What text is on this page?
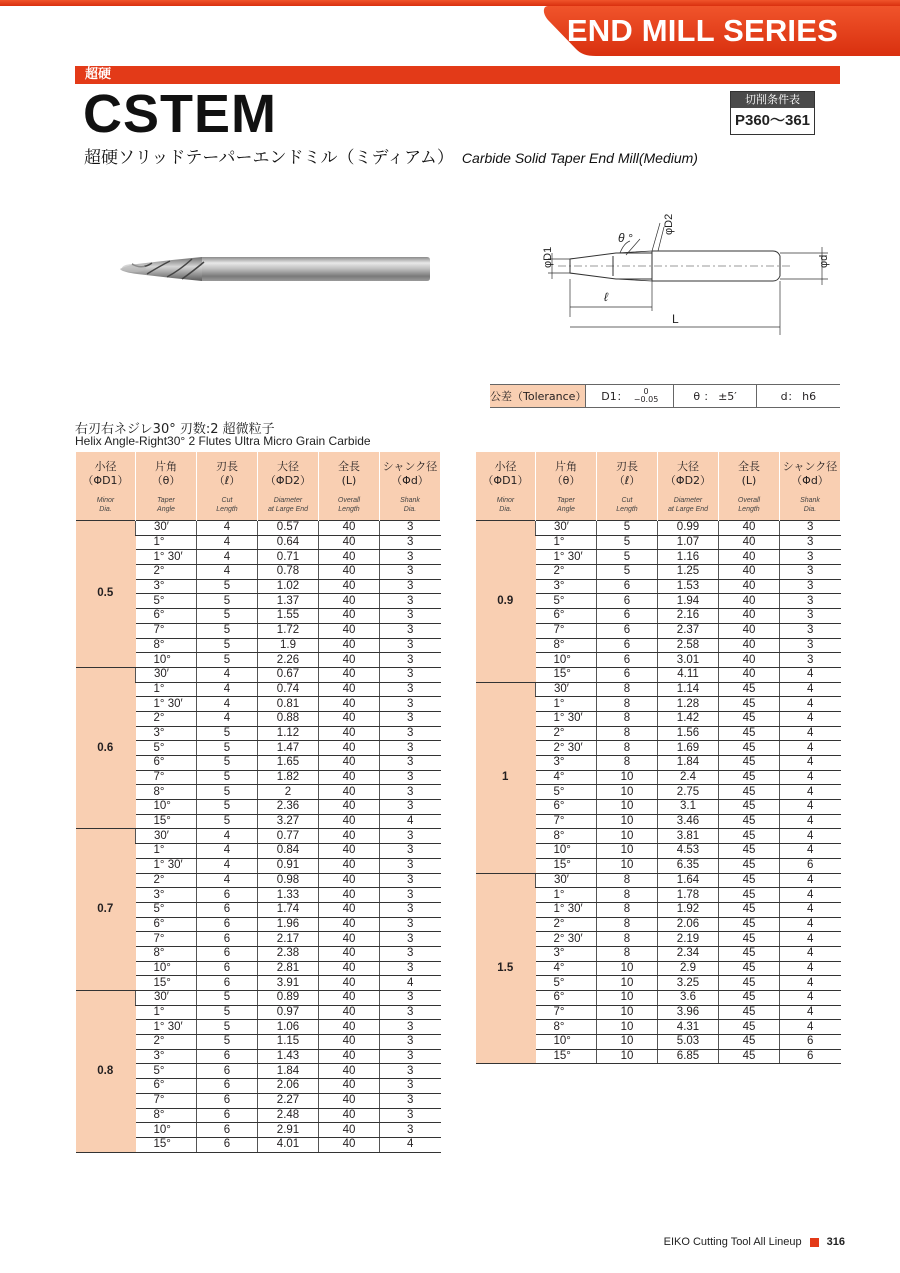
END MILL SERIES
超硬
CSTEM	切削条件表
P360～361
超硬ソリッドテーパーエンドミル（ミディアム） Carbide Solid Taper End Mill(Medium)
φD1
φD2
θ °
φd
ℓ
L
公差（Tolerance） D1：	0
−0.05	θ ： ±5′	d： h6
右刃右ネジレ30° 刃数:2 超微粒子
Helix Angle-Right30° 2 Flutes Ultra Micro Grain Carbide
小径
（ΦD1）
Minor
Dia.	片角
（θ）
Taper
Angle	刃長
（ℓ）
Cut
Length	大径
（ΦD2）
Diameter
at Large End	全長
(L)
Overall
Length	シャンク径
（Φd）
Shank
Dia.

0.5	30′	4	0.57	40	3
	1°	4	0.64	40	3
	1° 30′	4	0.71	40	3
	2°	4	0.78	40	3
	3°	5	1.02	40	3
	5°	5	1.37	40	3
	6°	5	1.55	40	3
	7°	5	1.72	40	3
	8°	5	1.9	40	3
	10°	5	2.26	40	3
0.6	30′	4	0.67	40	3
	1°	4	0.74	40	3
	1° 30′	4	0.81	40	3
	2°	4	0.88	40	3
	3°	5	1.12	40	3
	5°	5	1.47	40	3
	6°	5	1.65	40	3
	7°	5	1.82	40	3
	8°	5	2	40	3
	10°	5	2.36	40	3
	15°	5	3.27	40	4
0.7	30′	4	0.77	40	3
	1°	4	0.84	40	3
	1° 30′	4	0.91	40	3
	2°	4	0.98	40	3
	3°	6	1.33	40	3
	5°	6	1.74	40	3
	6°	6	1.96	40	3
	7°	6	2.17	40	3
	8°	6	2.38	40	3
	10°	6	2.81	40	3
	15°	6	3.91	40	4
0.8	30′	5	0.89	40	3
	1°	5	0.97	40	3
	1° 30′	5	1.06	40	3
	2°	5	1.15	40	3
	3°	6	1.43	40	3
	5°	6	1.84	40	3
	6°	6	2.06	40	3
	7°	6	2.27	40	3
	8°	6	2.48	40	3
	10°	6	2.91	40	3
	15°	6	4.01	40	4
小径
（ΦD1）
Minor
Dia.	片角
（θ）
Taper
Angle	刃長
（ℓ）
Cut
Length	大径
（ΦD2）
Diameter
at Large End	全長
(L)
Overall
Length	シャンク径
（Φd）
Shank
Dia.

0.9	30′	5	0.99	40	3
	1°	5	1.07	40	3
	1° 30′	5	1.16	40	3
	2°	5	1.25	40	3
	3°	6	1.53	40	3
	5°	6	1.94	40	3
	6°	6	2.16	40	3
	7°	6	2.37	40	3
	8°	6	2.58	40	3
	10°	6	3.01	40	3
	15°	6	4.11	40	4
1	30′	8	1.14	45	4
	1°	8	1.28	45	4
	1° 30′	8	1.42	45	4
	2°	8	1.56	45	4
	2° 30′	8	1.69	45	4
	3°	8	1.84	45	4
	4°	10	2.4	45	4
	5°	10	2.75	45	4
	6°	10	3.1	45	4
	7°	10	3.46	45	4
	8°	10	3.81	45	4
	10°	10	4.53	45	4
	15°	10	6.35	45	6
1.5	30′	8	1.64	45	4
	1°	8	1.78	45	4
	1° 30′	8	1.92	45	4
	2°	8	2.06	45	4
	2° 30′	8	2.19	45	4
	3°	8	2.34	45	4
	4°	10	2.9	45	4
	5°	10	3.25	45	4
	6°	10	3.6	45	4
	7°	10	3.96	45	4
	8°	10	4.31	45	4
	10°	10	5.03	45	6
	15°	10	6.85	45	6
EIKO Cutting Tool All Lineup 316
